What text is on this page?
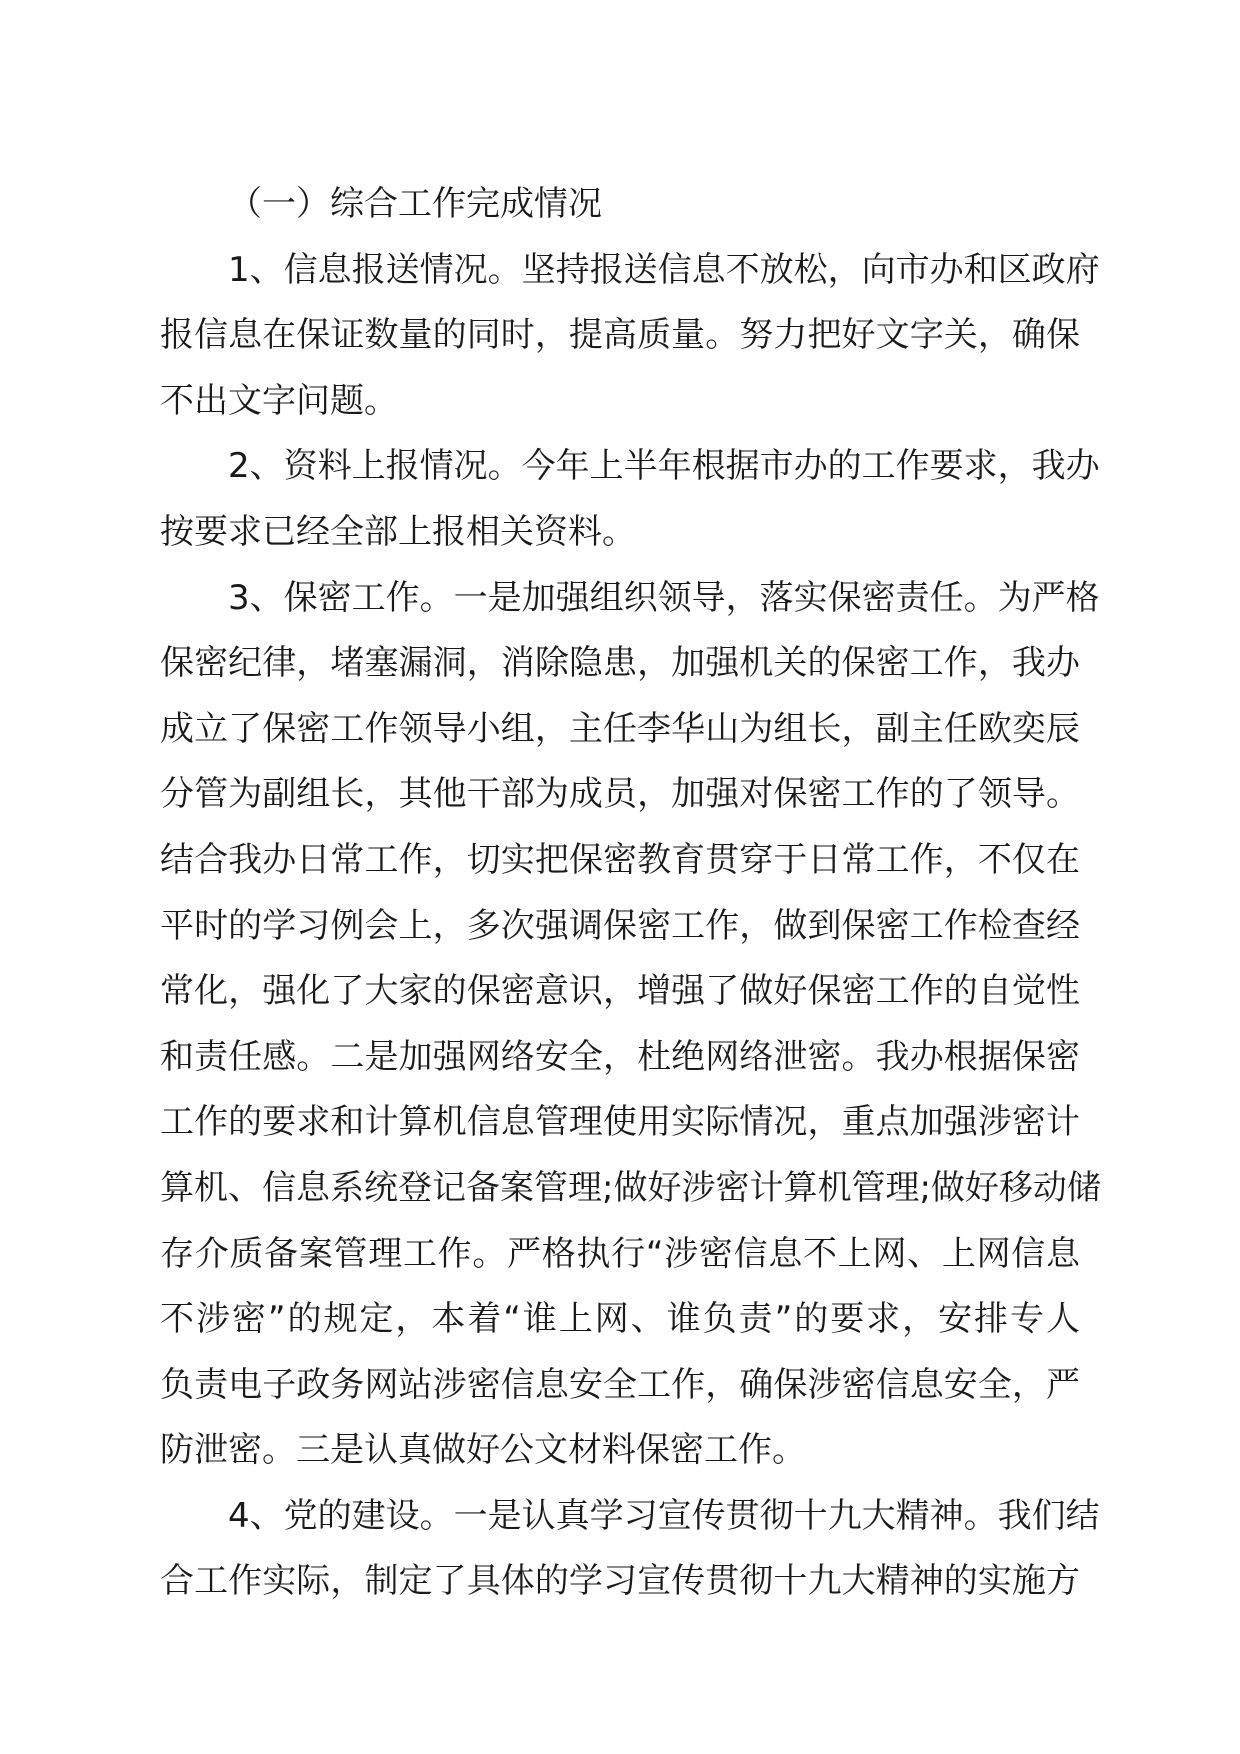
（一）综合工作完成情况
1、信息报送情况。坚持报送信息不放松，向市办和区政府
报信息在保证数量的同时，提高质量。努力把好文字关，确保
不出文字问题。
2、资料上报情况。今年上半年根据市办的工作要求，我办
按要求已经全部上报相关资料。
3、保密工作。一是加强组织领导，落实保密责任。为严格
保密纪律，堵塞漏洞，消除隐患，加强机关的保密工作，我办
成立了保密工作领导小组，主任李华山为组长，副主任欧奕辰
分管为副组长，其他干部为成员，加强对保密工作的了领导。
结合我办日常工作，切实把保密教育贯穿于日常工作，不仅在
平时的学习例会上，多次强调保密工作，做到保密工作检查经
常化，强化了大家的保密意识，增强了做好保密工作的自觉性
和责任感。二是加强网络安全，杜绝网络泄密。我办根据保密
工作的要求和计算机信息管理使用实际情况，重点加强涉密计
算机、信息系统登记备案管理;做好涉密计算机管理;做好移动储
存介质备案管理工作。严格执行“涉密信息不上网、上网信息
不涉密”的规定，本着“谁上网、谁负责”的要求，安排专人
负责电子政务网站涉密信息安全工作，确保涉密信息安全，严
防泄密。三是认真做好公文材料保密工作。
4、党的建设。一是认真学习宣传贯彻十九大精神。我们结
合工作实际，制定了具体的学习宣传贯彻十九大精神的实施方
